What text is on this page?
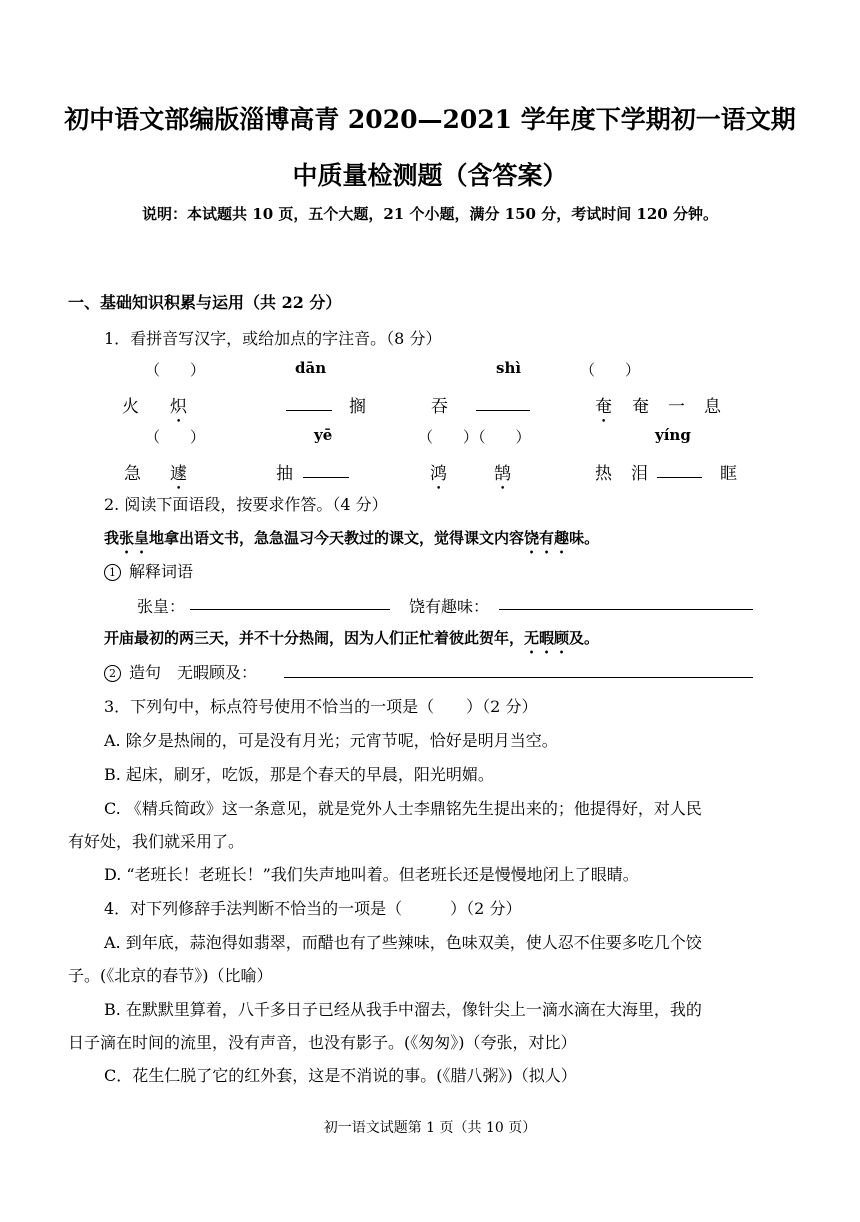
初中语文部编版淄博高青 2020—2021 学年度下学期初一语文期
中质量检测题（含答案）
说明：本试题共 10 页，五个大题，21 个小题，满分 150 分，考试时间 120 分钟。
一、基础知识积累与运用（共 22 分）
1．看拼音写汉字，或给加点的字注音。（8 分）
（　　）	dān	shì	（　　）
火 炽	搁	吞	奄 奄 一 息
（　　）	yē	（　　）（　　）	yíng
急 遽	抽	鸿	鹄	热 泪	眶
2. 阅读下面语段，按要求作答。（4 分）
我张皇地拿出语文书，急急温习今天教过的课文，觉得课文内容饶有趣味。
1 解释词语
张皇：	饶有趣味：
开庙最初的两三天，并不十分热闹，因为人们正忙着彼此贺年，无暇顾及。
2 造句　无暇顾及：
3．下列句中，标点符号使用不恰当的一项是（　　）（2 分）
A. 除夕是热闹的，可是没有月光；元宵节呢，恰好是明月当空。
B. 起床，刷牙，吃饭，那是个春天的早晨，阳光明媚。
C. 《精兵简政》这一条意见，就是党外人士李鼎铭先生提出来的；他提得好，对人民
有好处，我们就采用了。
D. “老班长！老班长！”我们失声地叫着。但老班长还是慢慢地闭上了眼睛。
4．对下列修辞手法判断不恰当的一项是（　　　）（2 分）
A. 到年底，蒜泡得如翡翠，而醋也有了些辣味，色味双美，使人忍不住要多吃几个饺
子。(《北京的春节》)（比喻）
B. 在默默里算着，八千多日子已经从我手中溜去，像针尖上一滴水滴在大海里，我的
日子滴在时间的流里，没有声音，也没有影子。(《匆匆》)（夸张，对比）
C．花生仁脱了它的红外套，这是不消说的事。(《腊八粥》)（拟人）
初一语文试题第 1 页（共 10 页）
